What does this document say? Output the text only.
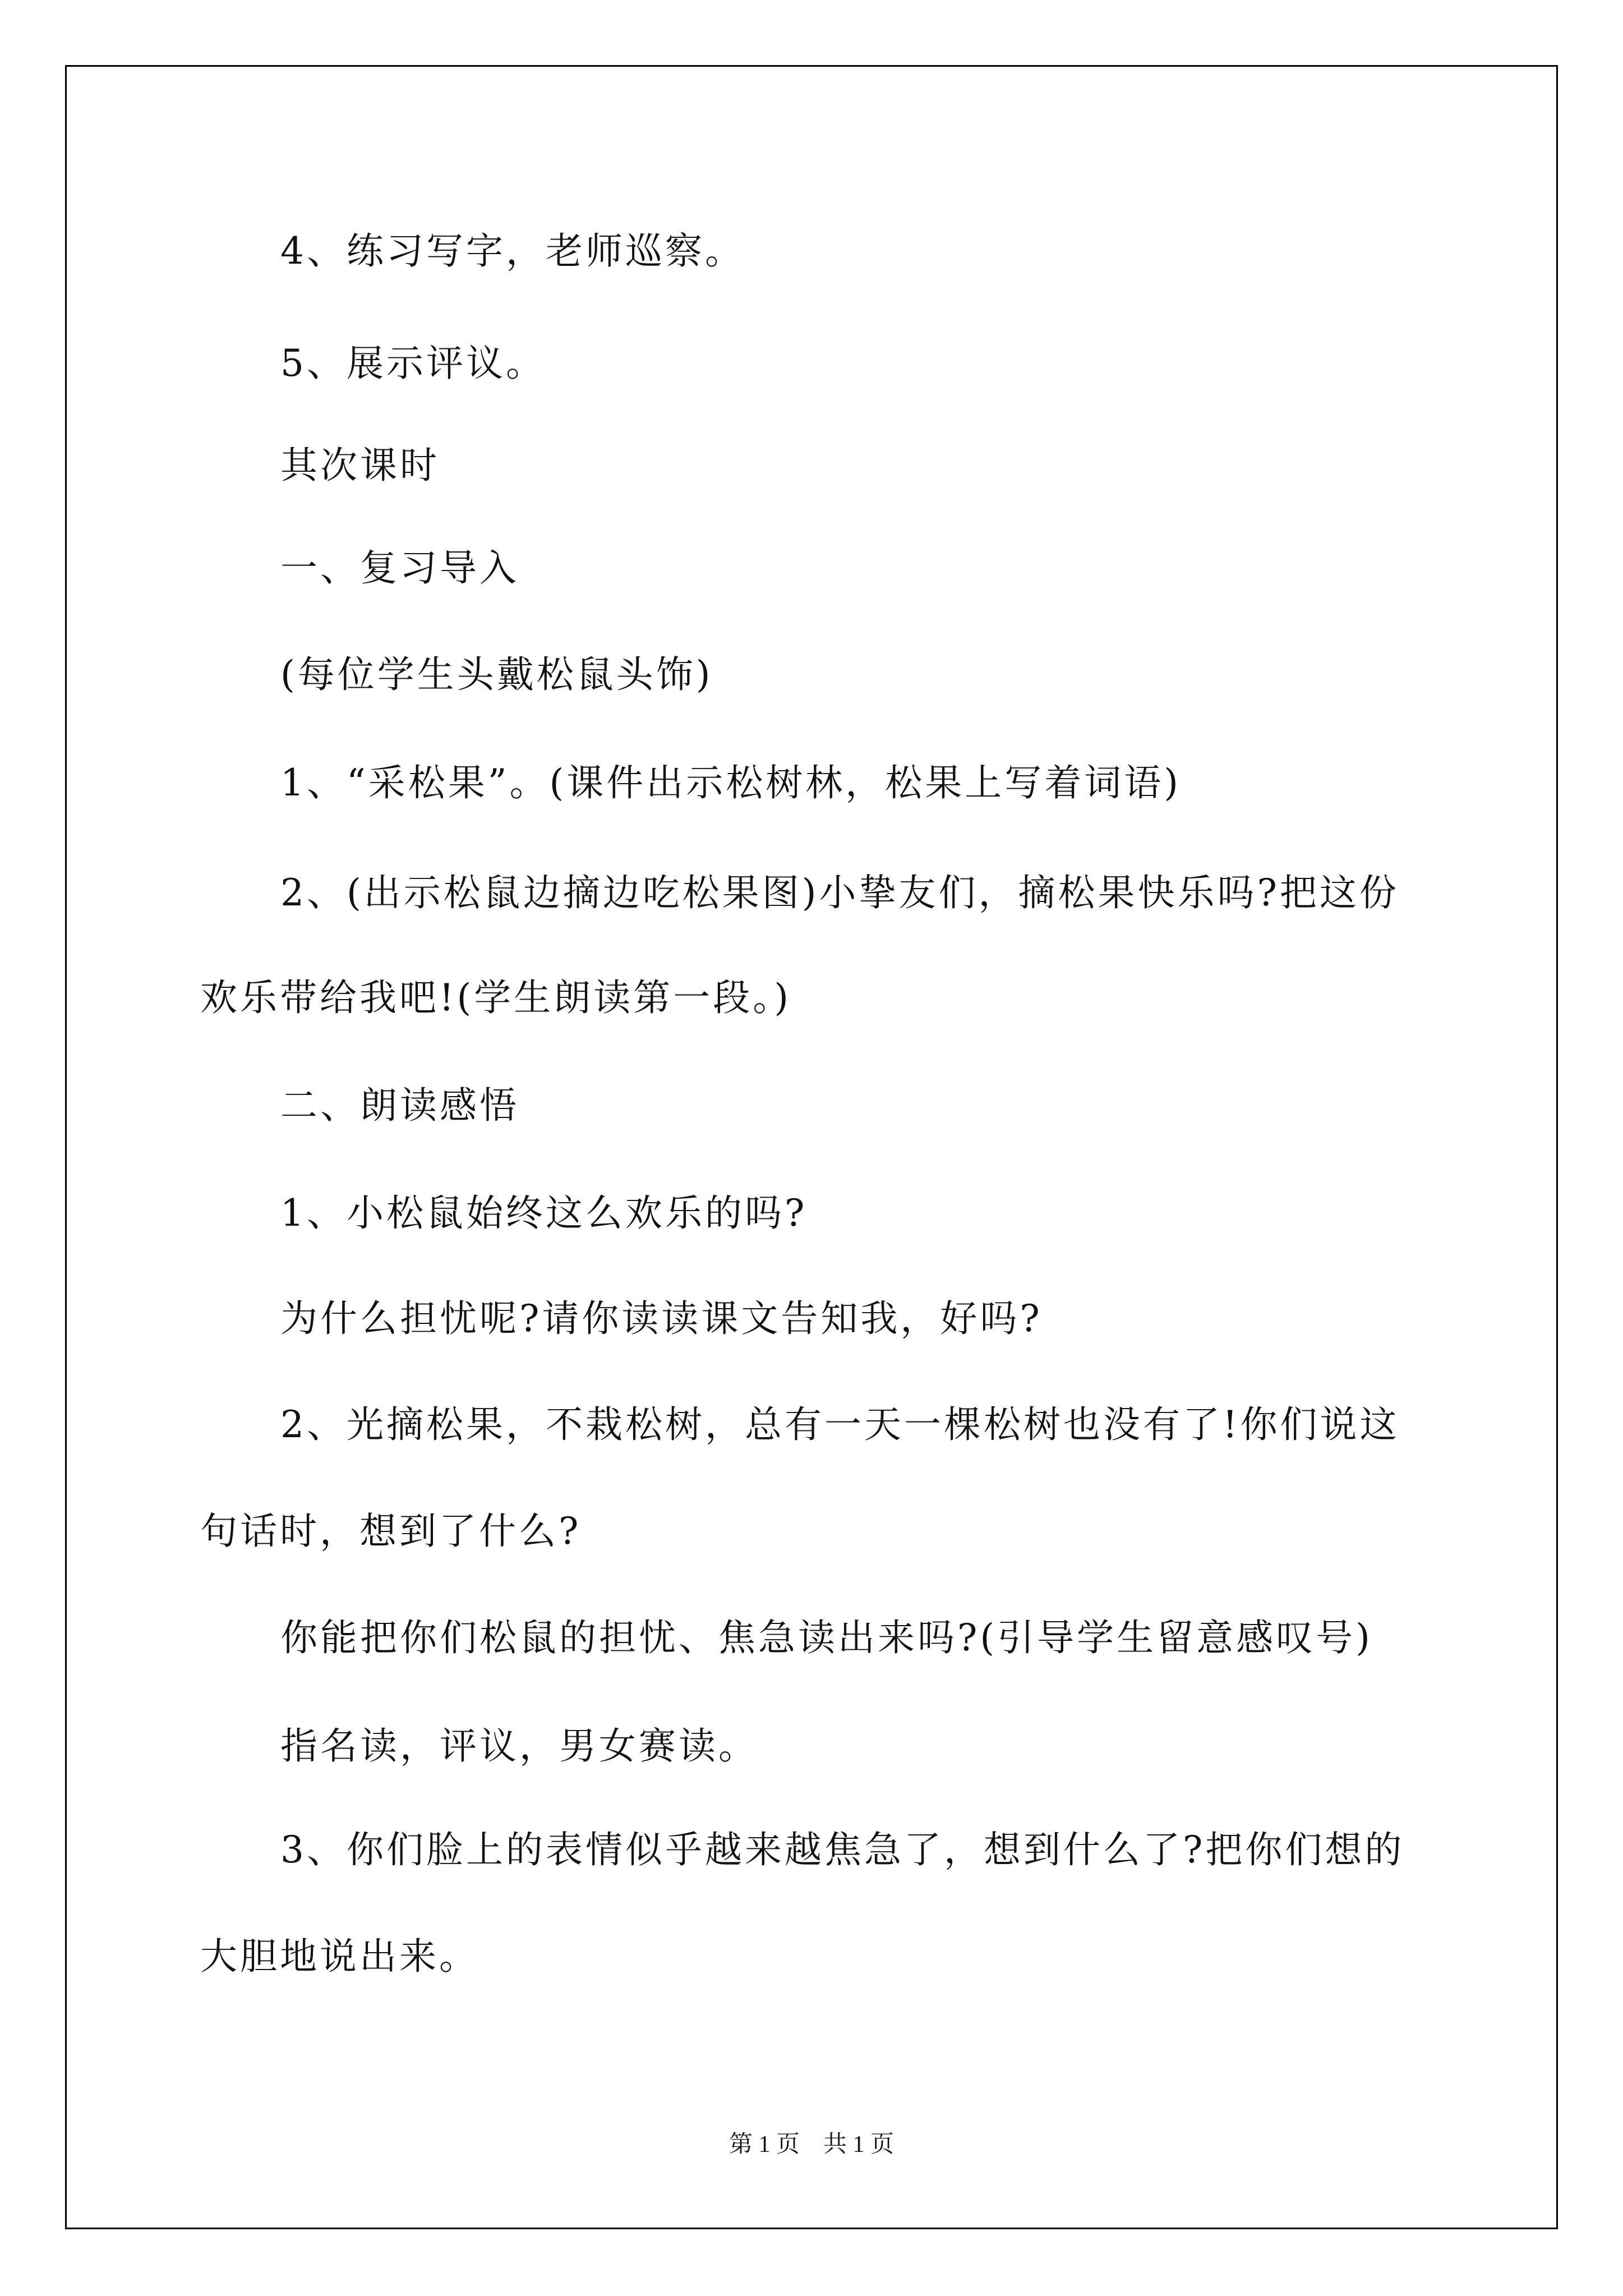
4、练习写字，老师巡察。
5、展示评议。
其次课时
一、复习导入
(每位学生头戴松鼠头饰)
1、“采松果”。(课件出示松树林，松果上写着词语)
2、(出示松鼠边摘边吃松果图)小挚友们，摘松果快乐吗?把这份
欢乐带给我吧!(学生朗读第一段。)
二、朗读感悟
1、小松鼠始终这么欢乐的吗?
为什么担忧呢?请你读读课文告知我，好吗?
2、光摘松果，不栽松树，总有一天一棵松树也没有了!你们说这
句话时，想到了什么?
你能把你们松鼠的担忧、焦急读出来吗?(引导学生留意感叹号)
指名读，评议，男女赛读。
3、你们脸上的表情似乎越来越焦急了，想到什么了?把你们想的
大胆地说出来。
第 1 页　共 1 页
